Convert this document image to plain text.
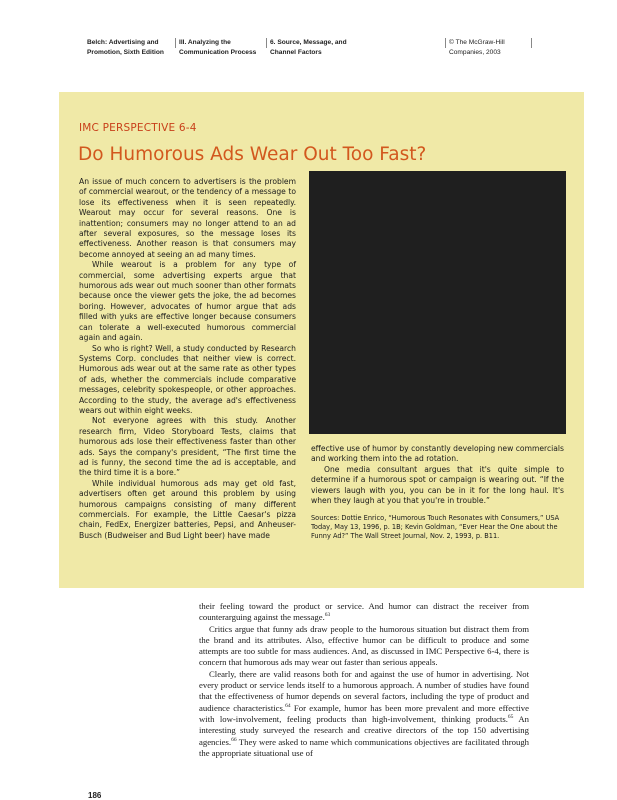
Belch: Advertising and
Promotion, Sixth Edition
III. Analyzing the
Communication Process
6. Source, Message, and
Channel Factors
© The McGraw-Hill
Companies, 2003
IMC PERSPECTIVE 6-4
Do Humorous Ads Wear Out Too Fast?

An issue of much concern to advertisers is the problem of commercial wearout, or the tendency of a message to lose its effectiveness when it is seen repeatedly. Wearout may occur for several reasons. One is inattention; consumers may no longer attend to an ad after several exposures, so the message loses its effectiveness. Another reason is that consumers may become annoyed at seeing an ad many times.

While wearout is a problem for any type of commercial, some advertising experts argue that humorous ads wear out much sooner than other formats because once the viewer gets the joke, the ad becomes boring. However, advocates of humor argue that ads filled with yuks are effective longer because consumers can tolerate a well-executed humorous commercial again and again.

So who is right? Well, a study conducted by Research Systems Corp. concludes that neither view is correct. Humorous ads wear out at the same rate as other types of ads, whether the commercials include comparative messages, celebrity spokespeople, or other approaches. According to the study, the average ad's effectiveness wears out within eight weeks.

Not everyone agrees with this study. Another research firm, Video Storyboard Tests, claims that humorous ads lose their effectiveness faster than other ads. Says the company's president, “The first time the ad is funny, the second time the ad is acceptable, and the third time it is a bore.”

While individual humorous ads may get old fast, advertisers often get around this problem by using humorous campaigns consisting of many different commercials. For example, the Little Caesar's pizza chain, FedEx, Energizer batteries, Pepsi, and Anheuser-Busch (Budweiser and Bud Light beer) have made

effective use of humor by constantly developing new commercials and working them into the ad rotation.

One media consultant argues that it's quite simple to determine if a humorous spot or campaign is wearing out. “If the viewers laugh with you, you can be in it for the long haul. It's when they laugh at you that you're in trouble.”

Sources: Dottie Enrico, “Humorous Touch Resonates with Consumers,” USA Today, May 13, 1996, p. 1B; Kevin Goldman, “Ever Hear the One about the Funny Ad?” The Wall Street Journal, Nov. 2, 1993, p. B11.

their feeling toward the product or service. And humor can distract the receiver from counterarguing against the message.$^{63}$

Critics argue that funny ads draw people to the humorous situation but distract them from the brand and its attributes. Also, effective humor can be difficult to produce and some attempts are too subtle for mass audiences. And, as discussed in IMC Perspective 6-4, there is concern that humorous ads may wear out faster than serious appeals.

Clearly, there are valid reasons both for and against the use of humor in advertising. Not every product or service lends itself to a humorous approach. A number of studies have found that the effectiveness of humor depends on several factors, including the type of product and audience characteristics.$^{64}$ For example, humor has been more prevalent and more effective with low-involvement, feeling products than high-involvement, thinking products.$^{65}$ An interesting study surveyed the research and creative directors of the top 150 advertising agencies.$^{66}$ They were asked to name which communications objectives are facilitated through the appropriate situational use of

186
